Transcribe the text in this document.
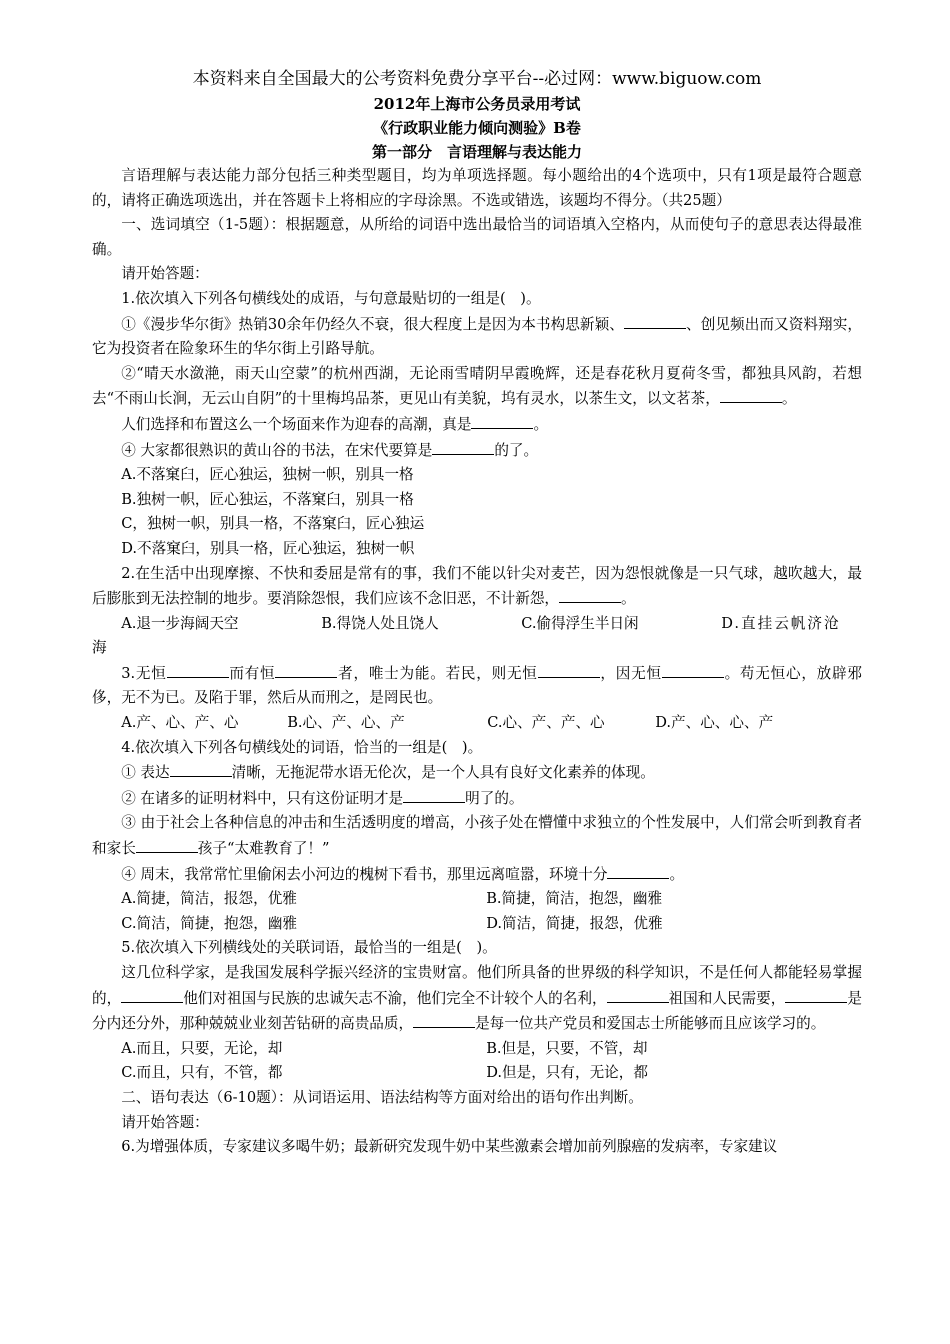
本资料来自全国最大的公考资料免费分享平台--必过网：www.biguow.com
2012年上海市公务员录用考试
《行政职业能力倾向测验》B卷
第一部分　言语理解与表达能力

言语理解与表达能力部分包括三种类型题目，均为单项选择题。每小题给出的4个选项中，只有1项是最符合题意的，请将正确选项选出，并在答题卡上将相应的字母涂黑。不选或错选，该题均不得分。（共25题）

一、选词填空（1-5题）：根据题意，从所给的词语中选出最恰当的词语填入空格内，从而使句子的意思表达得最准确。

请开始答题：

1.依次填入下列各句横线处的成语，与句意最贴切的一组是(　)。

①《漫步华尔街》热销30余年仍经久不衰，很大程度上是因为本书构思新颖、	、创见频出而又资料翔实，它为投资者在险象环生的华尔街上引路导航。

②“晴天水潋滟，雨天山空蒙”的杭州西湖，无论雨雪晴阴早霞晚辉，还是春花秋月夏荷冬雪，都独具风韵，若想去“不雨山长涧，无云山自阴”的十里梅坞品茶，更见山有美貌，坞有灵水，以茶生文，以文茗茶，	。

人们选择和布置这么一个场面来作为迎春的高潮，真是	。

④ 大家都很熟识的黄山谷的书法，在宋代要算是	的了。

A.不落窠臼，匠心独运，独树一帜，别具一格

B.独树一帜，匠心独运，不落窠臼，别具一格

C，独树一帜，别具一格，不落窠臼，匠心独运

D.不落窠臼，别具一格，匠心独运，独树一帜

2.在生活中出现摩擦、不快和委屈是常有的事，我们不能以针尖对麦芒，因为怨恨就像是一只气球，越吹越大，最后膨胀到无法控制的地步。要消除怨恨，我们应该不念旧恶，不计新怨，	。

A.退一步海阔天空	B.得饶人处且饶人	C.偷得浮生半日闲	D.直挂云帆济沧

海

3.无恒	而有恒	者，唯士为能。若民，则无恒	，因无恒	。苟无恒心，放辟邪侈，无不为已。及陷于罪，然后从而刑之，是罔民也。

A.产、心、产、心	B.心、产、心、产	C.心、产、产、心	D.产、心、心、产

4.依次填入下列各句横线处的词语，恰当的一组是(　)。

① 表达	清晰，无拖泥带水语无伦次，是一个人具有良好文化素养的体现。

② 在诸多的证明材料中，只有这份证明才是	明了的。

③ 由于社会上各种信息的冲击和生活透明度的增高，小孩子处在懵懂中求独立的个性发展中，人们常会听到教育者和家长	孩子“太难教育了！”

④ 周末，我常常忙里偷闲去小河边的槐树下看书，那里远离喧嚣，环境十分	。

A.简捷，简洁，报怨，优雅	B.简捷，简洁，抱怨，幽雅
C.简洁，简捷，抱怨，幽雅	D.简洁，简捷，报怨，优雅

5.依次填入下列横线处的关联词语，最恰当的一组是(　)。

这几位科学家，是我国发展科学振兴经济的宝贵财富。他们所具备的世界级的科学知识，不是任何人都能轻易掌握的，	他们对祖国与民族的忠诚矢志不渝，他们完全不计较个人的名利，	祖国和人民需要，	是分内还分外，那种兢兢业业刻苦钻研的高贵品质，	是每一位共产党员和爱国志士所能够而且应该学习的。

A.而且，只要，无论，却	B.但是，只要，不管，却
C.而且，只有，不管，都	D.但是，只有，无论，都

二、语句表达（6-10题）：从词语运用、语法结构等方面对给出的语句作出判断。

请开始答题：

6.为增强体质，专家建议多喝牛奶；最新研究发现牛奶中某些激素会增加前列腺癌的发病率，专家建议
